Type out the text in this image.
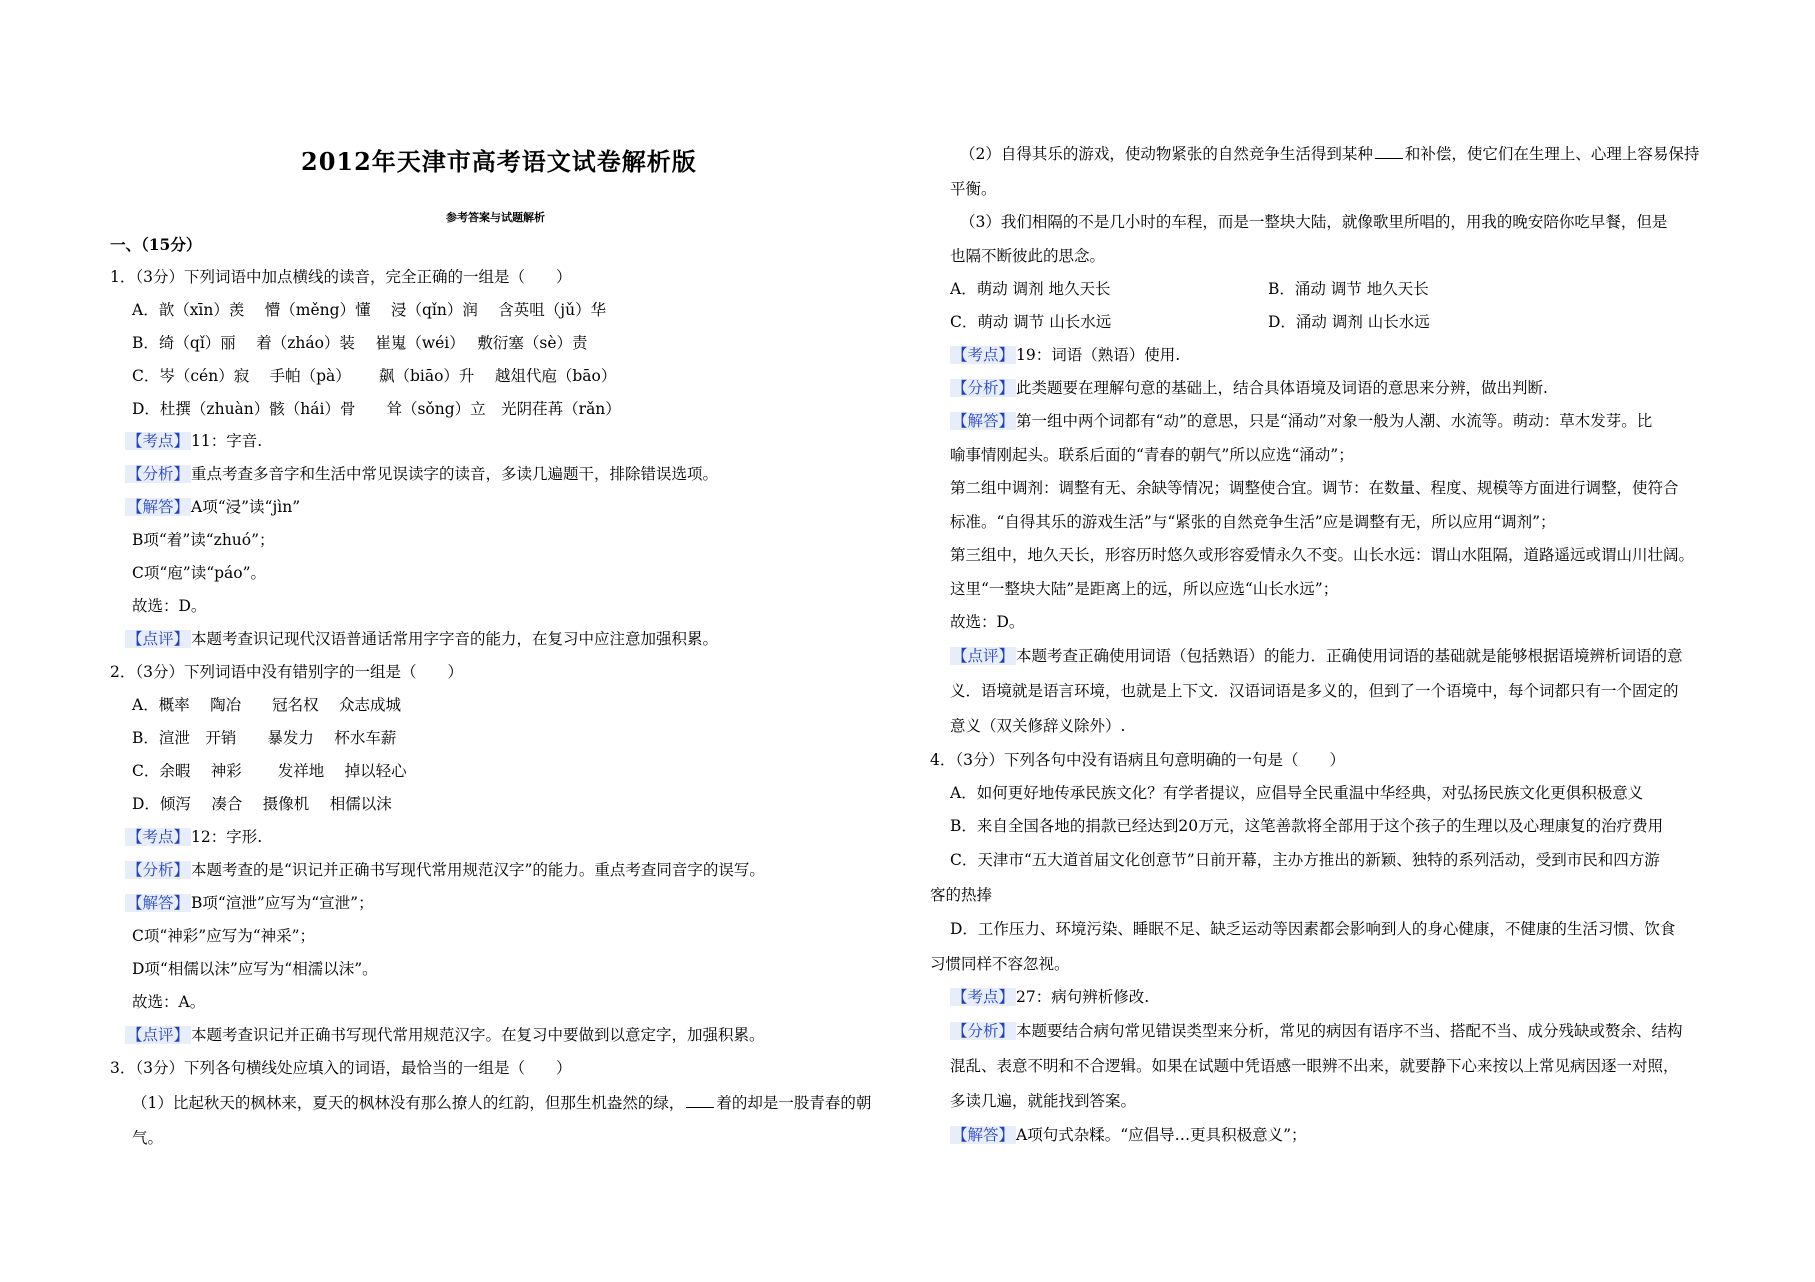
2012年天津市高考语文试卷解析版
参考答案与试题解析
一、（15分）
1．（3分）下列词语中加点横线的读音，完全正确的一组是（　　）
A．歆（xīn）羡　 懵（měng）懂　 浸（qǐn）润　 含英咀（jǔ）华
B．绮（qǐ）丽　 着（zháo）装　 崔嵬（wéi）　 敷衍塞（sè）责
C．岑（cén）寂　 手帕（pà）　　 飙（biāo）升　 越俎代庖（bāo）
D．杜撰（zhuàn）骸（hái）骨　　耸（sǒng）立　光阴荏苒（rǎn）
【考点】 11：字音.
【分析】 重点考查多音字和生活中常见误读字的读音，多读几遍题干，排除错误选项。
【解答】 A项“浸”读“jìn”
B项“着”读“zhuó”；
C项“庖”读“páo”。
故选：D。
【点评】 本题考查识记现代汉语普通话常用字字音的能力，在复习中应注意加强积累。
2．（3分）下列词语中没有错别字的一组是（　　）
A．概率　 陶冶　　冠名权　 众志成城
B．渲泄　开销　　暴发力　 杯水车薪
C．余暇　 神彩　　 发祥地　 掉以轻心
D．倾泻　 凑合　 摄像机　 相儒以沫
【考点】 12：字形.
【分析】 本题考查的是“识记并正确书写现代常用规范汉字”的能力。重点考查同音字的误写。
【解答】 B项“渲泄”应写为“宣泄”；
C项“神彩”应写为“神采”；
D项“相儒以沫”应写为“相濡以沫”。
故选：A。
【点评】 本题考查识记并正确书写现代常用规范汉字。在复习中要做到以意定字，加强积累。
3．（3分）下列各句横线处应填入的词语，最恰当的一组是（　　）
（1）比起秋天的枫林来，夏天的枫林没有那么撩人的红韵，但那生机盎然的绿， 着的却是一股青春的朝
气。
（2）自得其乐的游戏，使动物紧张的自然竞争生活得到某种 和补偿，使它们在生理上、心理上容易保持
平衡。
（3）我们相隔的不是几小时的车程，而是一整块大陆，就像歌里所唱的，用我的晚安陪你吃早餐，但是
也隔不断彼此的思念。
A．萌动 调剂 地久天长	B．涌动 调节 地久天长
C．萌动 调节 山长水远	D．涌动 调剂 山长水远
【考点】 19：词语（熟语）使用.
【分析】 此类题要在理解句意的基础上，结合具体语境及词语的意思来分辨，做出判断.
【解答】 第一组中两个词都有“动”的意思，只是“涌动”对象一般为人潮、水流等。萌动：草木发芽。比
喻事情刚起头。联系后面的“青春的朝气”所以应选“涌动”；
第二组中调剂：调整有无、余缺等情况；调整使合宜。调节：在数量、程度、规模等方面进行调整，使符合
标准。“自得其乐的游戏生活”与“紧张的自然竞争生活”应是调整有无，所以应用“调剂”；
第三组中，地久天长，形容历时悠久或形容爱情永久不变。山长水远：谓山水阻隔，道路遥远或谓山川壮阔。
这里“一整块大陆”是距离上的远，所以应选“山长水远”；
故选：D。
【点评】 本题考查正确使用词语（包括熟语）的能力．正确使用词语的基础就是能够根据语境辨析词语的意
义．语境就是语言环境，也就是上下文．汉语词语是多义的，但到了一个语境中，每个词都只有一个固定的
意义（双关修辞义除外）.
4．（3分）下列各句中没有语病且句意明确的一句是（　　）
A．如何更好地传承民族文化？有学者提议，应倡导全民重温中华经典，对弘扬民族文化更俱积极意义
B．来自全国各地的捐款已经达到20万元，这笔善款将全部用于这个孩子的生理以及心理康复的治疗费用
C．天津市“五大道首届文化创意节”日前开幕，主办方推出的新颖、独特的系列活动，受到市民和四方游
客的热捧
D．工作压力、环境污染、睡眠不足、缺乏运动等因素都会影响到人的身心健康，不健康的生活习惯、饮食
习惯同样不容忽视。
【考点】 27：病句辨析修改.
【分析】 本题要结合病句常见错误类型来分析，常见的病因有语序不当、搭配不当、成分残缺或赘余、结构
混乱、表意不明和不合逻辑。如果在试题中凭语感一眼辨不出来，就要静下心来按以上常见病因逐一对照，
多读几遍，就能找到答案。
【解答】 A项句式杂糅。“应倡导…更具积极意义”；
